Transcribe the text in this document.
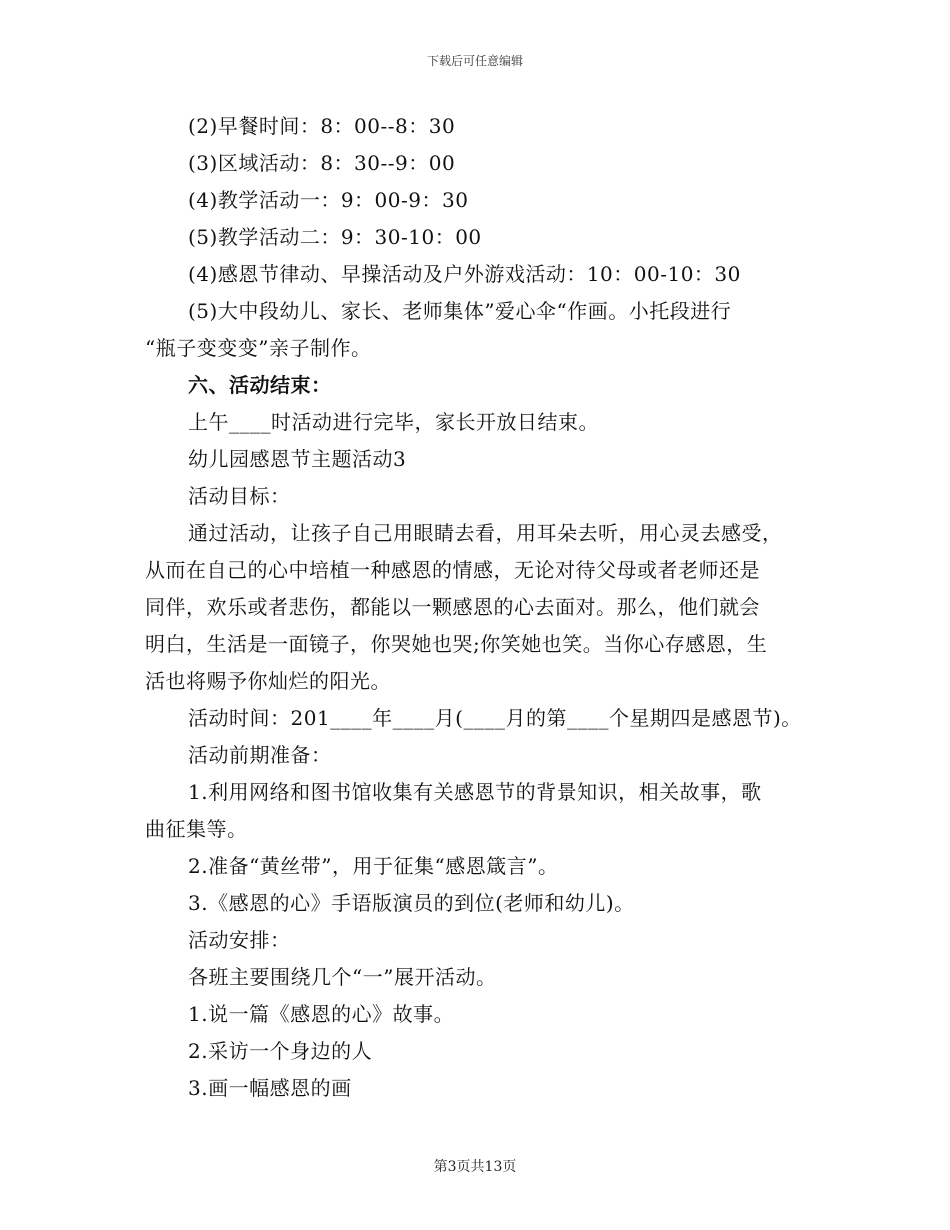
下载后可任意编辑
(2)早餐时间：8：00--8：30
(3)区域活动：8：30--9：00
(4)教学活动一：9：00-9：30
(5)教学活动二：9：30-10：00
(4)感恩节律动、早操活动及户外游戏活动：10：00-10：30
(5)大中段幼儿、家长、老师集体”爱心伞“作画。小托段进行
“瓶子变变变”亲子制作。
六、活动结束：
上午____时活动进行完毕，家长开放日结束。
幼儿园感恩节主题活动3
活动目标：
通过活动，让孩子自己用眼睛去看，用耳朵去听，用心灵去感受，
从而在自己的心中培植一种感恩的情感，无论对待父母或者老师还是
同伴，欢乐或者悲伤，都能以一颗感恩的心去面对。那么，他们就会
明白，生活是一面镜子，你哭她也哭;你笑她也笑。当你心存感恩，生
活也将赐予你灿烂的阳光。
活动时间：201____年____月(____月的第____个星期四是感恩节)。
活动前期准备：
1.利用网络和图书馆收集有关感恩节的背景知识，相关故事，歌
曲征集等。
2.准备“黄丝带”，用于征集“感恩箴言”。
3.《感恩的心》手语版演员的到位(老师和幼儿)。
活动安排：
各班主要围绕几个“一”展开活动。
1.说一篇《感恩的心》故事。
2.采访一个身边的人
3.画一幅感恩的画
第3页共13页
